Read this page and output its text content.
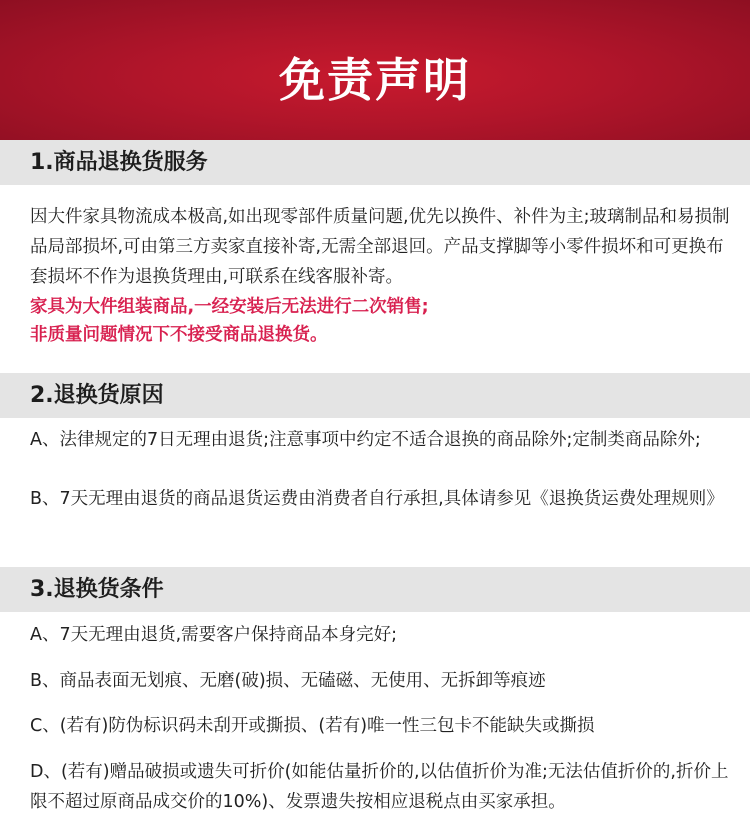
免责声明
1.商品退换货服务
因大件家具物流成本极高,如出现零部件质量问题,优先以换件、补件为主;玻璃制品和易损制品局部损坏,可由第三方卖家直接补寄,无需全部退回。产品支撑脚等小零件损坏和可更换布套损坏不作为退换货理由,可联系在线客服补寄。
家具为大件组装商品,一经安装后无法进行二次销售;
非质量问题情况下不接受商品退换货。
2.退换货原因
A、法律规定的7日无理由退货;注意事项中约定不适合退换的商品除外;定制类商品除外;
B、7天无理由退货的商品退货运费由消费者自行承担,具体请参见《退换货运费处理规则》
3.退换货条件
A、7天无理由退货,需要客户保持商品本身完好;
B、商品表面无划痕、无磨(破)损、无磕磁、无使用、无拆卸等痕迹
C、(若有)防伪标识码未刮开或撕损、(若有)唯一性三包卡不能缺失或撕损
D、(若有)赠品破损或遗失可折价(如能估量折价的,以估值折价为准;无法估值折价的,折价上限不超过原商品成交价的10%)、发票遗失按相应退税点由买家承担。
